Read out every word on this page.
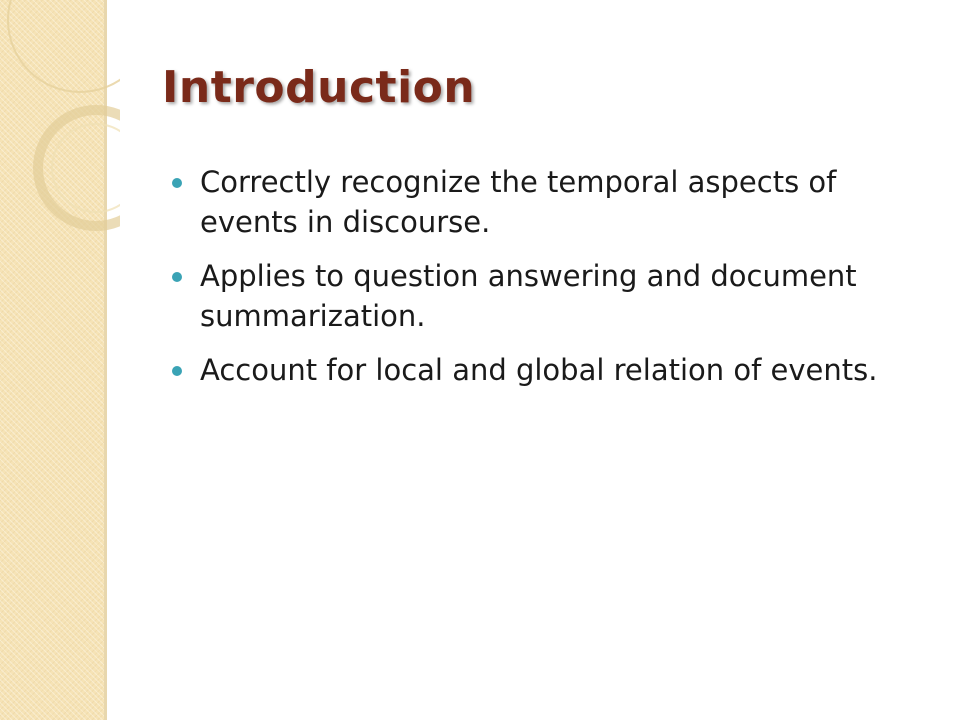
Introduction
Correctly recognize the temporal aspects of events in discourse.
Applies to question answering and document summarization.
Account for local and global relation of events.
